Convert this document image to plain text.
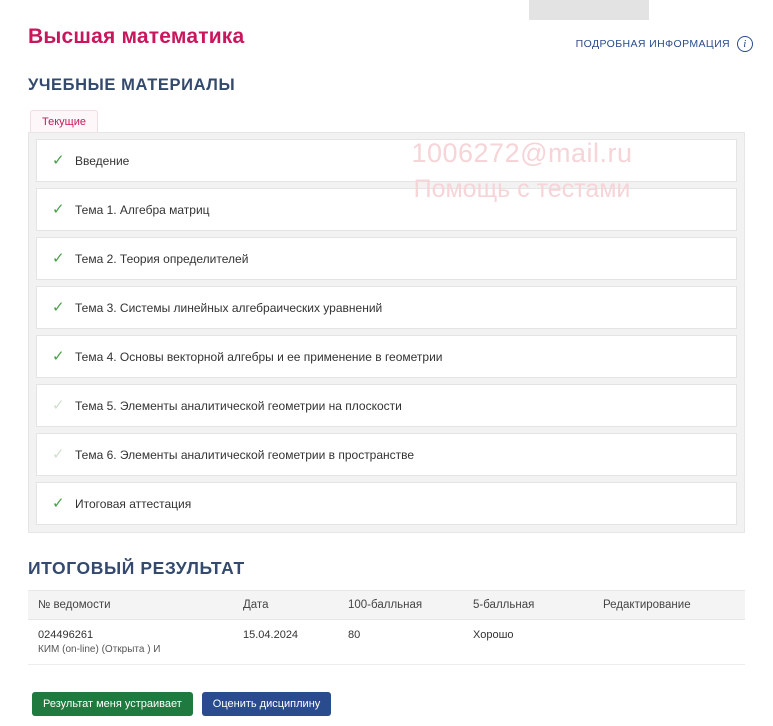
Высшая математика	ПОДРОБНАЯ ИНФОРМАЦИЯ	i
УЧЕБНЫЕ МАТЕРИАЛЫ
Текущие
✓ Введение
✓ Тема 1. Алгебра матриц
✓ Тема 2. Теория определителей
✓ Тема 3. Системы линейных алгебраических уравнений
✓ Тема 4. Основы векторной алгебры и ее применение в геометрии
✓ Тема 5. Элементы аналитической геометрии на плоскости
✓ Тема 6. Элементы аналитической геометрии в пространстве
✓ Итоговая аттестация
1006272@mail.ru
Помощь с тестами
ИТОГОВЫЙ РЕЗУЛЬТАТ
№ ведомости	Дата	100-балльная	5-балльная	Редактирование
024496261
КИМ (on-line) (Открыта ) И	15.04.2024	80	Хорошо	
Результат меня устраивает	Оценить дисциплину
